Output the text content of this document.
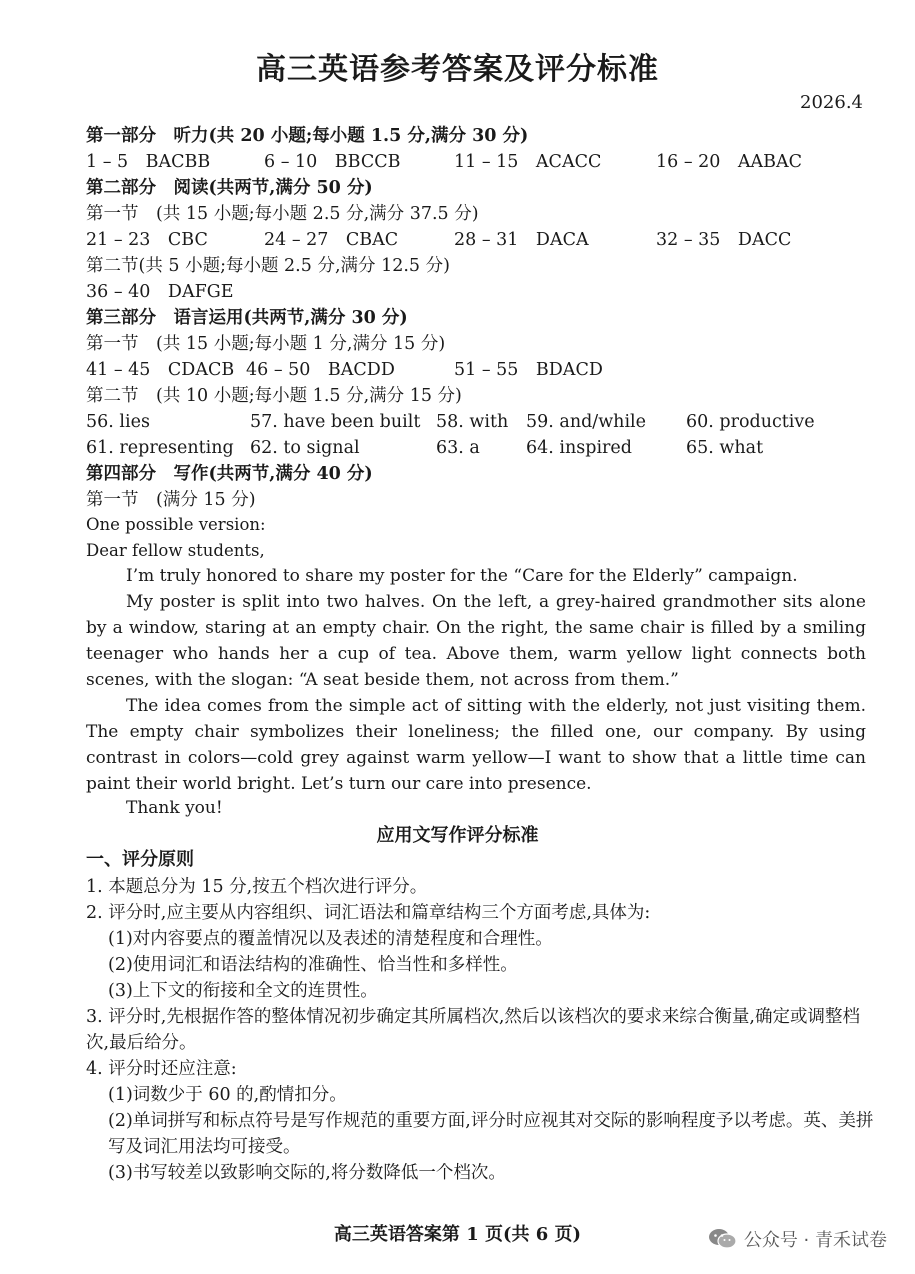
高三英语参考答案及评分标准
2026.4
第一部分　听力(共 20 小题;每小题 1.5 分,满分 30 分)
1 – 5　BACBB	6 – 10　BBCCB	11 – 15　ACACC	16 – 20　AABAC
第二部分　阅读(共两节,满分 50 分)
第一节　(共 15 小题;每小题 2.5 分,满分 37.5 分)
21 – 23　CBC	24 – 27　CBAC	28 – 31　DACA	32 – 35　DACC
第二节(共 5 小题;每小题 2.5 分,满分 12.5 分)
36 – 40　DAFGE
第三部分　语言运用(共两节,满分 30 分)
第一节　(共 15 小题;每小题 1 分,满分 15 分)
41 – 45　CDACB 46 – 50　BACDD	51 – 55　BDACD
第二节　(共 10 小题;每小题 1.5 分,满分 15 分)
56. lies	57. have been built 58. with 59. and/while 60. productive
61. representing 62. to signal	63. a	64. inspired	65. what
第四部分　写作(共两节,满分 40 分)
第一节　(满分 15 分)
One possible version:
Dear fellow students,
I’m truly honored to share my poster for the “Care for the Elderly” campaign.
My poster is split into two halves. On the left, a grey-haired grandmother sits alone by a window, staring at an empty chair. On the right, the same chair is filled by a smiling teenager who hands her a cup of tea. Above them, warm yellow light connects both scenes, with the slogan: “A seat beside them, not across from them.”
The idea comes from the simple act of sitting with the elderly, not just visiting them. The empty chair symbolizes their loneliness; the filled one, our company. By using contrast in colors—cold grey against warm yellow—I want to show that a little time can paint their world bright. Let’s turn our care into presence.
Thank you!
应用文写作评分标准
一、评分原则
1. 本题总分为 15 分,按五个档次进行评分。
2. 评分时,应主要从内容组织、词汇语法和篇章结构三个方面考虑,具体为:
(1)对内容要点的覆盖情况以及表述的清楚程度和合理性。
(2)使用词汇和语法结构的准确性、恰当性和多样性。
(3)上下文的衔接和全文的连贯性。
3. 评分时,先根据作答的整体情况初步确定其所属档次,然后以该档次的要求来综合衡量,确定或调整档次,最后给分。
4. 评分时还应注意:
(1)词数少于 60 的,酌情扣分。
(2)单词拼写和标点符号是写作规范的重要方面,评分时应视其对交际的影响程度予以考虑。英、美拼写及词汇用法均可接受。
(3)书写较差以致影响交际的,将分数降低一个档次。
高三英语答案第 1 页(共 6 页)	公众号 · 青禾试卷
